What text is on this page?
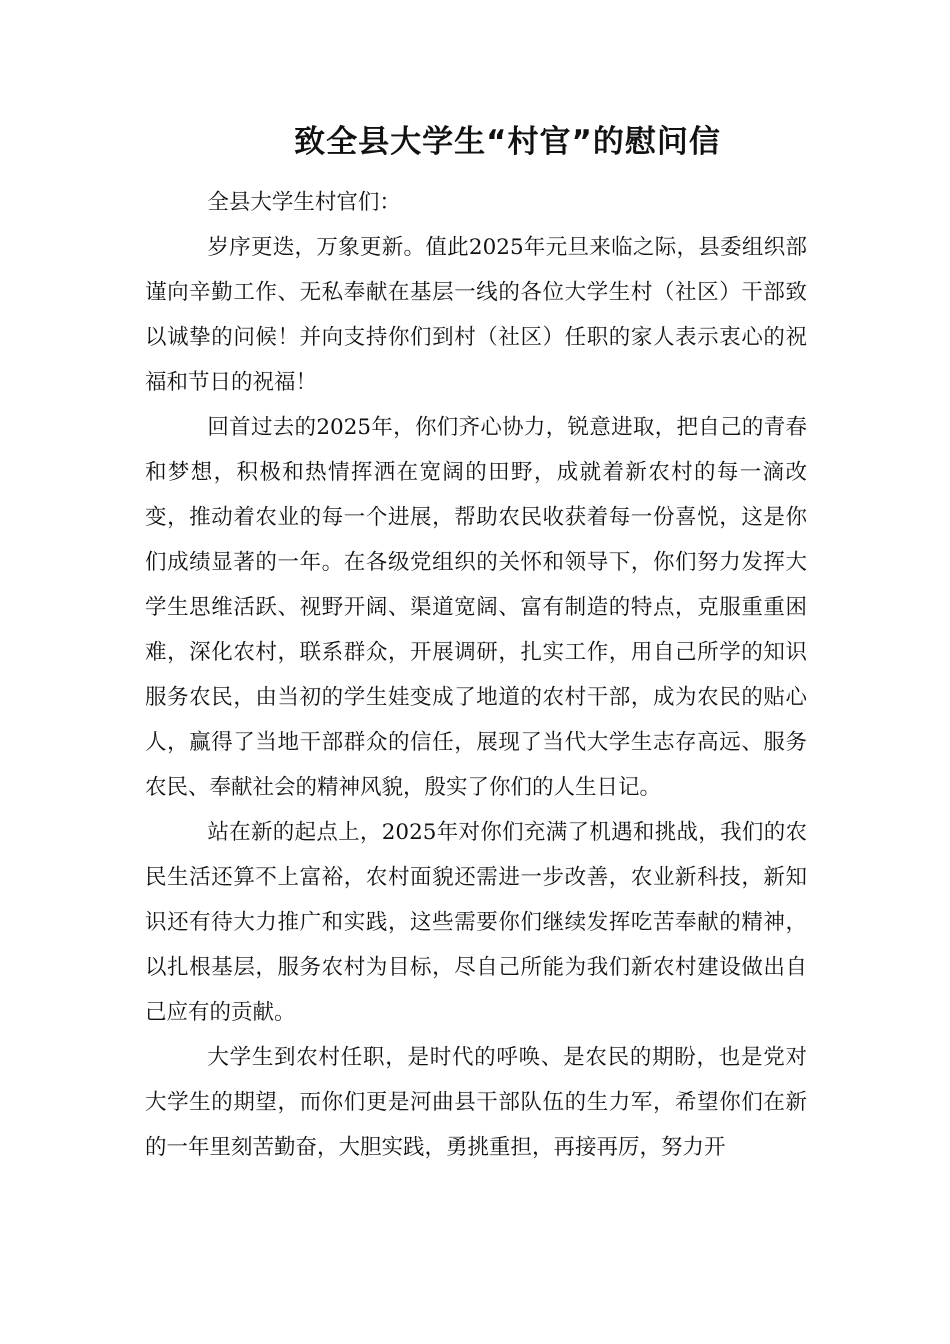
致全县大学生“村官”的慰问信

全县大学生村官们：

岁序更迭，万象更新。值此2025年元旦来临之际，县委组织部谨向辛勤工作、无私奉献在基层一线的各位大学生村（社区）干部致以诚挚的问候！并向支持你们到村（社区）任职的家人表示衷心的祝福和节日的祝福！

回首过去的2025年，你们齐心协力，锐意进取，把自己的青春和梦想，积极和热情挥洒在宽阔的田野，成就着新农村的每一滴改变，推动着农业的每一个进展，帮助农民收获着每一份喜悦，这是你们成绩显著的一年。在各级党组织的关怀和领导下，你们努力发挥大学生思维活跃、视野开阔、渠道宽阔、富有制造的特点，克服重重困难，深化农村，联系群众，开展调研，扎实工作，用自己所学的知识服务农民，由当初的学生娃变成了地道的农村干部，成为农民的贴心人，赢得了当地干部群众的信任，展现了当代大学生志存高远、服务农民、奉献社会的精神风貌，殷实了你们的人生日记。

站在新的起点上，2025年对你们充满了机遇和挑战，我们的农民生活还算不上富裕，农村面貌还需进一步改善，农业新科技，新知识还有待大力推广和实践，这些需要你们继续发挥吃苦奉献的精神，以扎根基层，服务农村为目标，尽自己所能为我们新农村建设做出自己应有的贡献。

大学生到农村任职，是时代的呼唤、是农民的期盼，也是党对大学生的期望，而你们更是河曲县干部队伍的生力军，希望你们在新的一年里刻苦勤奋，大胆实践，勇挑重担，再接再厉，努力开
